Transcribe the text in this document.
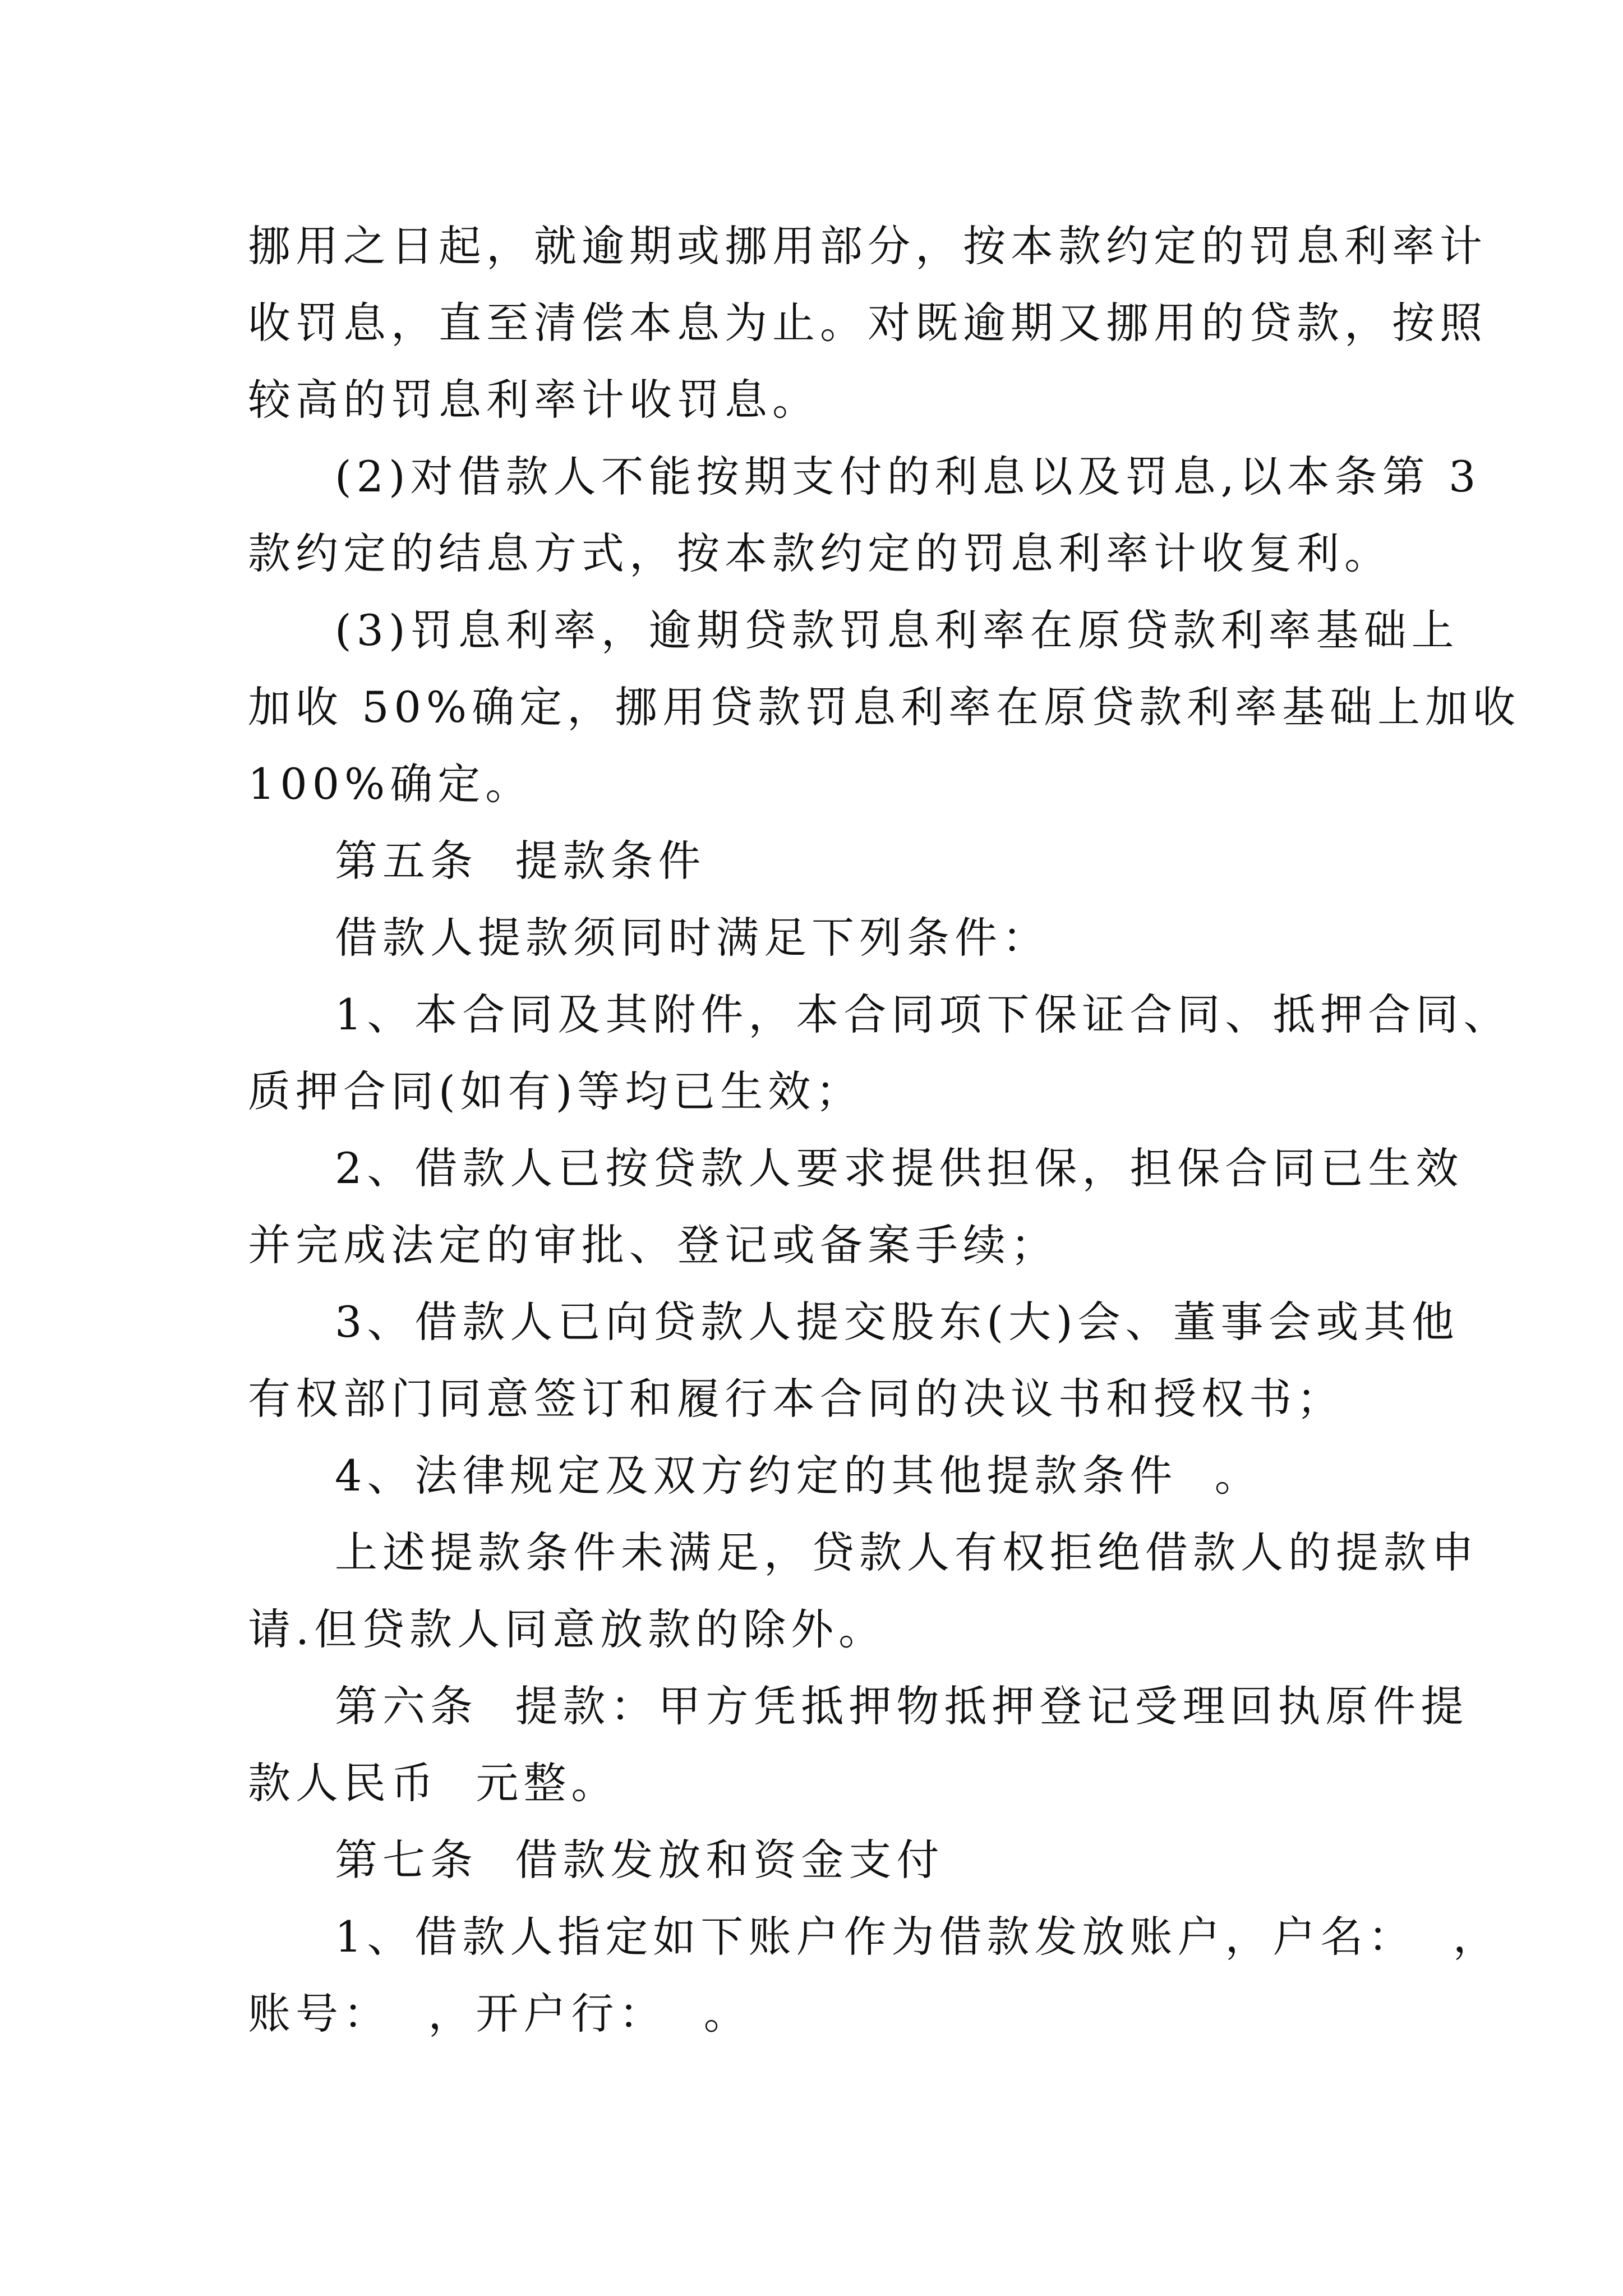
挪用之日起，就逾期或挪用部分，按本款约定的罚息利率计

收罚息，直至清偿本息为止。对既逾期又挪用的贷款，按照

较高的罚息利率计收罚息。

(2)对借款人不能按期支付的利息以及罚息,以本条第 3

款约定的结息方式，按本款约定的罚息利率计收复利。

(3)罚息利率，逾期贷款罚息利率在原贷款利率基础上

加收 50%确定，挪用贷款罚息利率在原贷款利率基础上加收

100%确定。

第五条  提款条件

借款人提款须同时满足下列条件：

1、本合同及其附件，本合同项下保证合同、抵押合同、

质押合同(如有)等均已生效；

2、借款人已按贷款人要求提供担保，担保合同已生效

并完成法定的审批、登记或备案手续；

3、借款人已向贷款人提交股东(大)会、董事会或其他

有权部门同意签订和履行本合同的决议书和授权书；

4、法律规定及双方约定的其他提款条件  。

上述提款条件未满足，贷款人有权拒绝借款人的提款申

请.但贷款人同意放款的除外。

第六条  提款：甲方凭抵押物抵押登记受理回执原件提

款人民币  元整。

第七条  借款发放和资金支付

1、借款人指定如下账户作为借款发放账户，户名：  ，

账号：  ，开户行：  。
